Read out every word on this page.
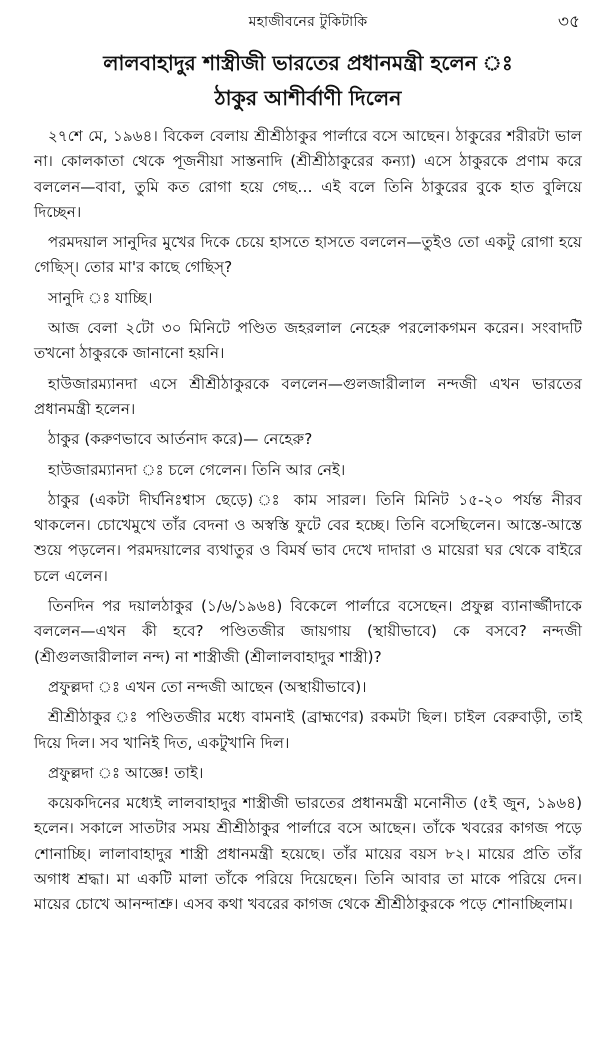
মহাজীবনের টুকিটাকি	৩৫
লালবাহাদুর শাস্ত্রীজী ভারতের প্রধানমন্ত্রী হলেন ঃ
ঠাকুর আশীর্বাণী দিলেন

২৭শে মে, ১৯৬৪। বিকেল বেলায় শ্রীশ্রীঠাকুর পার্লারে বসে আছেন। ঠাকুরের শরীরটা ভাল না। কোলকাতা থেকে পূজনীয়া সাস্তনাদি (শ্রীশ্রীঠাকুরের কন্যা) এসে ঠাকুরকে প্রণাম করে বললেন—বাবা, তুমি কত রোগা হয়ে গেছ… এই বলে তিনি ঠাকুরের বুকে হাত বুলিয়ে দিচ্ছেন।

পরমদয়াল সানুদির মুখের দিকে চেয়ে হাসতে হাসতে বললেন—তুইও তো একটু রোগা হয়ে গেছিস্‌। তোর মা'র কাছে গেছিস্‌?

সানুদি ঃ যাচ্ছি।

আজ বেলা ২টো ৩০ মিনিটে পণ্ডিত জহরলাল নেহেরু পরলোকগমন করেন। সংবাদটি তখনো ঠাকুরকে জানানো হয়নি।

হাউজারম্যানদা এসে শ্রীশ্রীঠাকুরকে বললেন—গুলজারীলাল নন্দজী এখন ভারতের প্রধানমন্ত্রী হলেন।

ঠাকুর (করুণভাবে আর্তনাদ করে)— নেহেরু?

হাউজারম্যানদা ঃ চলে গেলেন। তিনি আর নেই।

ঠাকুর (একটা দীর্ঘনিঃশ্বাস ছেড়ে) ঃ কাম সারল। তিনি মিনিট ১৫-২০ পর্যন্ত নীরব থাকলেন। চোখেমুখে তাঁর বেদনা ও অস্বস্তি ফুটে বের হচ্ছে। তিনি বসেছিলেন। আস্তে-আস্তে শুয়ে পড়লেন। পরমদয়ালের ব্যথাতুর ও বিমর্ষ ভাব দেখে দাদারা ও মায়েরা ঘর থেকে বাইরে চলে এলেন।

তিনদিন পর দয়ালঠাকুর (১/৬/১৯৬৪) বিকেলে পার্লারে বসেছেন। প্রফুল্ল ব্যানার্জ্জীদাকে বললেন—এখন কী হবে? পণ্ডিতজীর জায়গায় (স্থায়ীভাবে) কে বসবে? নন্দজী (শ্রীগুলজারীলাল নন্দ) না শাস্ত্রীজী (শ্রীলালবাহাদুর শাস্ত্রী)?

প্রফুল্লদা ঃ এখন তো নন্দজী আছেন (অস্থায়ীভাবে)।

শ্রীশ্রীঠাকুর ঃ পণ্ডিতজীর মধ্যে বামনাই (ব্রাহ্মণের) রকমটা ছিল। চাইল বেরুবাড়ী, তাই দিয়ে দিল। সব খানিই দিত, একটুখানি দিল।

প্রফুল্লদা ঃ আজ্ঞে! তাই।

কয়েকদিনের মধ্যেই লালবাহাদুর শাস্ত্রীজী ভারতের প্রধানমন্ত্রী মনোনীত (৫ই জুন, ১৯৬৪) হলেন। সকালে সাতটার সময় শ্রীশ্রীঠাকুর পার্লারে বসে আছেন। তাঁকে খবরের কাগজ পড়ে শোনাচ্ছি। লালাবাহাদুর শাস্ত্রী প্রধানমন্ত্রী হয়েছে। তাঁর মায়ের বয়স ৮২। মায়ের প্রতি তাঁর অগাধ শ্রদ্ধা। মা একটি মালা তাঁকে পরিয়ে দিয়েছেন। তিনি আবার তা মাকে পরিয়ে দেন। মায়ের চোখে আনন্দাশ্রু। এসব কথা খবরের কাগজ থেকে শ্রীশ্রীঠাকুরকে পড়ে শোনাচ্ছিলাম।
